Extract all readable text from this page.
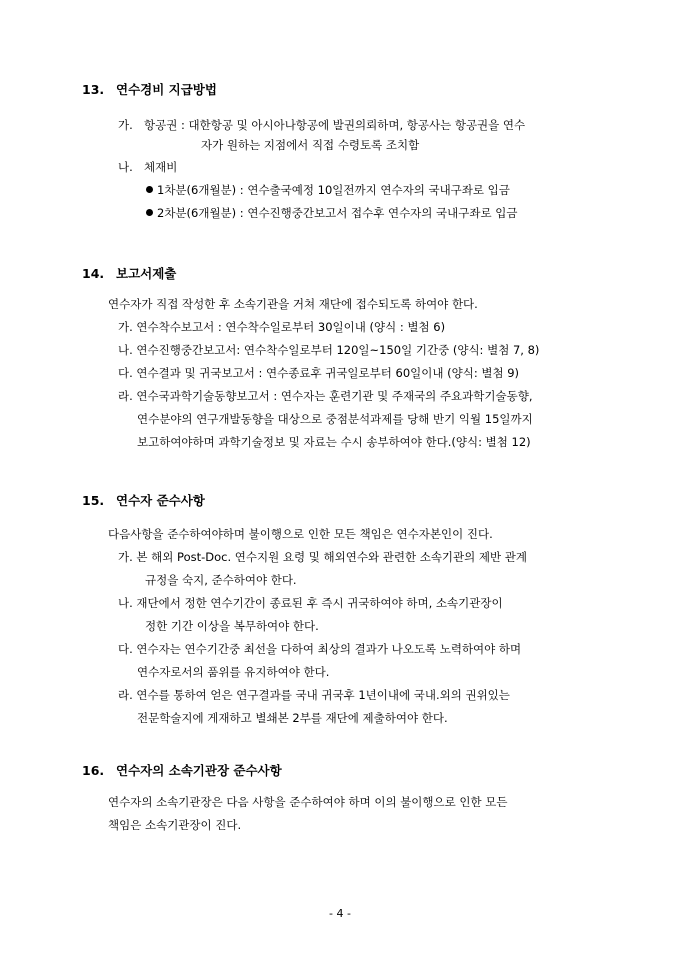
13. 연수경비 지급방법
가. 항공권 : 대한항공 및 아시아나항공에 발권의뢰하며, 항공사는 항공권을 연수
자가 원하는 지점에서 직접 수령토록 조치함
나. 체재비
1차분(6개월분) : 연수출국예정 10일전까지 연수자의 국내구좌로 입금
2차분(6개월분) : 연수진행중간보고서 접수후 연수자의 국내구좌로 입금
14. 보고서제출
연수자가 직접 작성한 후 소속기관을 거쳐 재단에 접수되도록 하여야 한다.
가. 연수착수보고서 : 연수착수일로부터 30일이내 (양식 : 별첨 6)
나. 연수진행중간보고서: 연수착수일로부터 120일~150일 기간중 (양식: 별첨 7, 8)
다. 연수결과 및 귀국보고서 : 연수종료후 귀국일로부터 60일이내 (양식: 별첨 9)
라. 연수국과학기술동향보고서 : 연수자는 훈련기관 및 주재국의 주요과학기술동향,
연수분야의 연구개발동향을 대상으로 중점분석과제를 당해 반기 익월 15일까지
보고하여야하며 과학기술정보 및 자료는 수시 송부하여야 한다.(양식: 별첨 12)
15. 연수자 준수사항
다음사항을 준수하여야하며 불이행으로 인한 모든 책임은 연수자본인이 진다.
가. 본 해외 Post-Doc. 연수지원 요령 및 해외연수와 관련한 소속기관의 제반 관계
규정을 숙지, 준수하여야 한다.
나. 재단에서 정한 연수기간이 종료된 후 즉시 귀국하여야 하며, 소속기관장이
정한 기간 이상을 복무하여야 한다.
다. 연수자는 연수기간중 최선을 다하여 최상의 결과가 나오도록 노력하여야 하며
연수자로서의 품위를 유지하여야 한다.
라. 연수를 통하여 얻은 연구결과를 국내 귀국후 1년이내에 국내.외의 권위있는
전문학술지에 게재하고 별쇄본 2부를 재단에 제출하여야 한다.
16. 연수자의 소속기관장 준수사항
연수자의 소속기관장은 다음 사항을 준수하여야 하며 이의 불이행으로 인한 모든
책임은 소속기관장이 진다.
- 4 -
